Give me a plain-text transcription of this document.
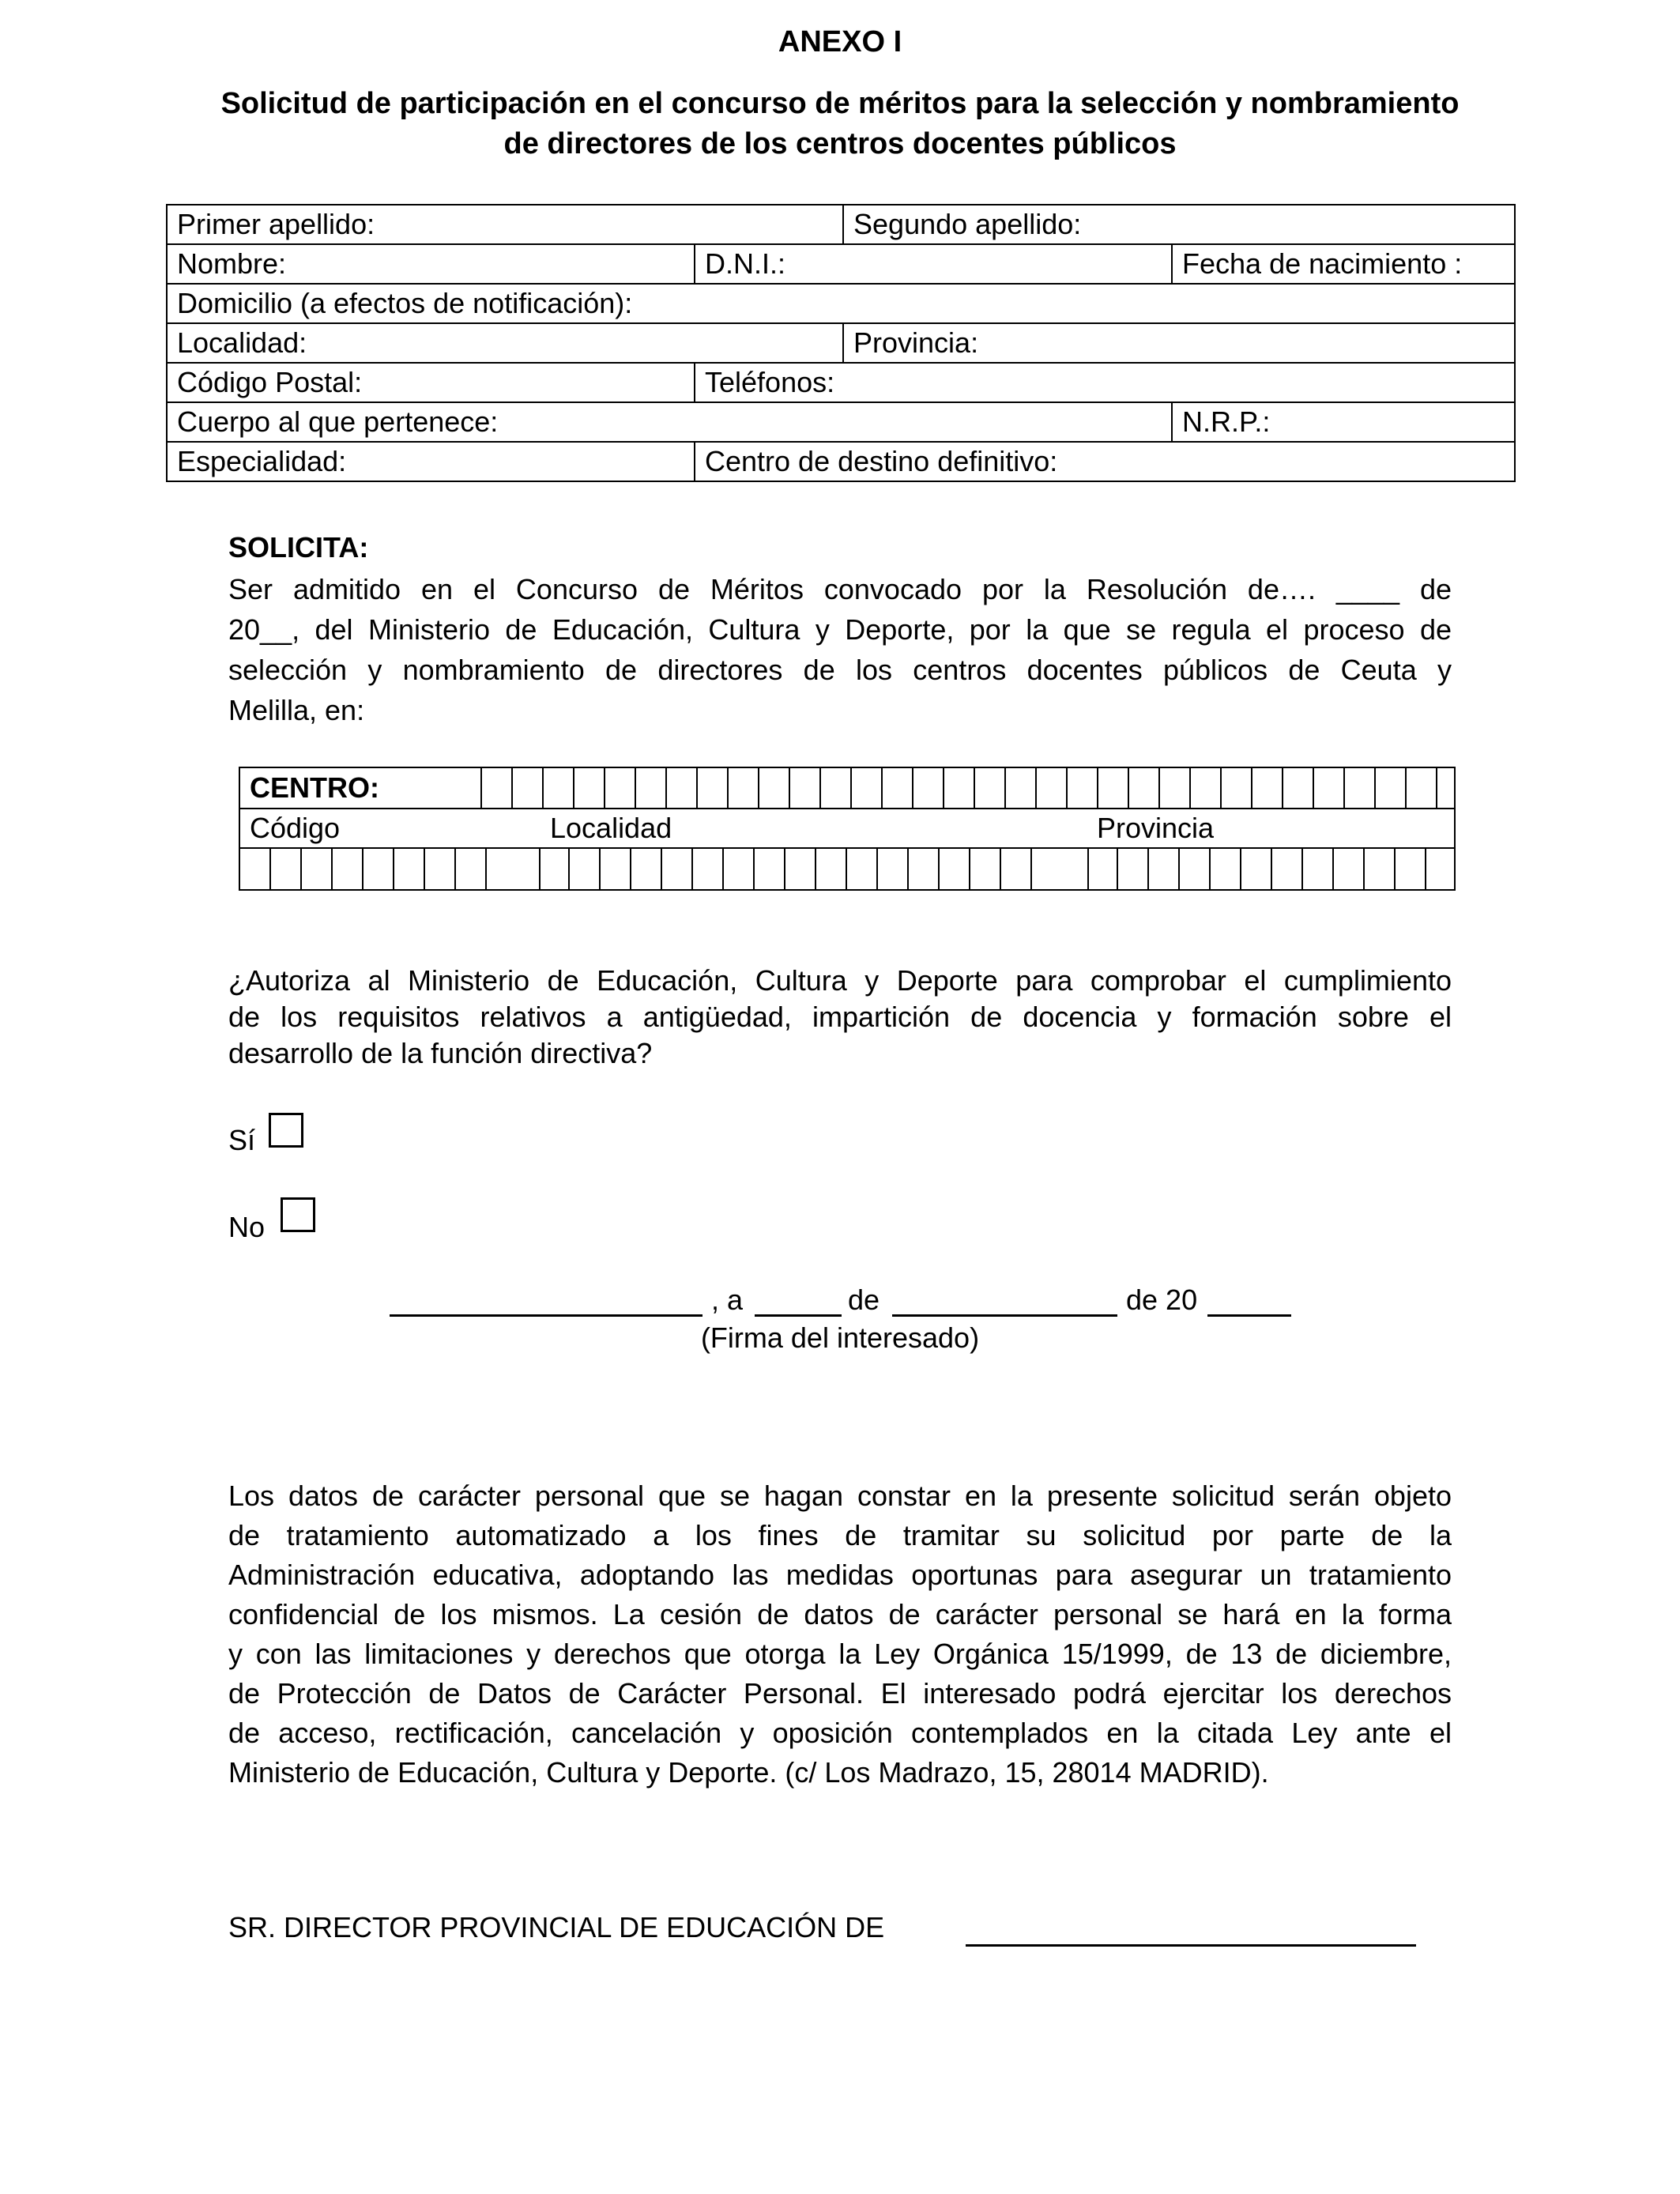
ANEXO I
Solicitud de participación en el concurso de méritos para la selección y nombramiento
de directores de los centros docentes públicos
Primer apellido:		Segundo apellido:	
Nombre:	D.N.I.:		Fecha de nacimiento :
Domicilio (a efectos de notificación):			
Localidad:		Provincia:	
Código Postal:	Teléfonos:		
Cuerpo al que pertenece:			N.R.P.:
Especialidad:	Centro de destino definitivo:		
SOLICITA:
Ser admitido en el Concurso de Méritos convocado por la Resolución de…. ____ de
20__, del Ministerio de Educación, Cultura y Deporte, por la que se regula el proceso de
selección y nombramiento de directores de los centros docentes públicos de Ceuta y
Melilla, en:
CENTRO:
Código	Localidad	Provincia
¿Autoriza al Ministerio de Educación, Cultura y Deporte para comprobar el cumplimiento
de los requisitos relativos a antigüedad, impartición de docencia y formación sobre el
desarrollo de la función directiva?
Sí
No
, a	de	de 20
(Firma del interesado)
Los datos de carácter personal que se hagan constar en la presente solicitud serán objeto
de tratamiento automatizado a los fines de tramitar su solicitud por parte de la
Administración educativa, adoptando las medidas oportunas para asegurar un tratamiento
confidencial de los mismos. La cesión de datos de carácter personal se hará en la forma
y con las limitaciones y derechos que otorga la Ley Orgánica 15/1999, de 13 de diciembre,
de Protección de Datos de Carácter Personal. El interesado podrá ejercitar los derechos
de acceso, rectificación, cancelación y oposición contemplados en la citada Ley ante el
Ministerio de Educación, Cultura y Deporte. (c/ Los Madrazo, 15, 28014 MADRID).
SR. DIRECTOR PROVINCIAL DE EDUCACIÓN DE
